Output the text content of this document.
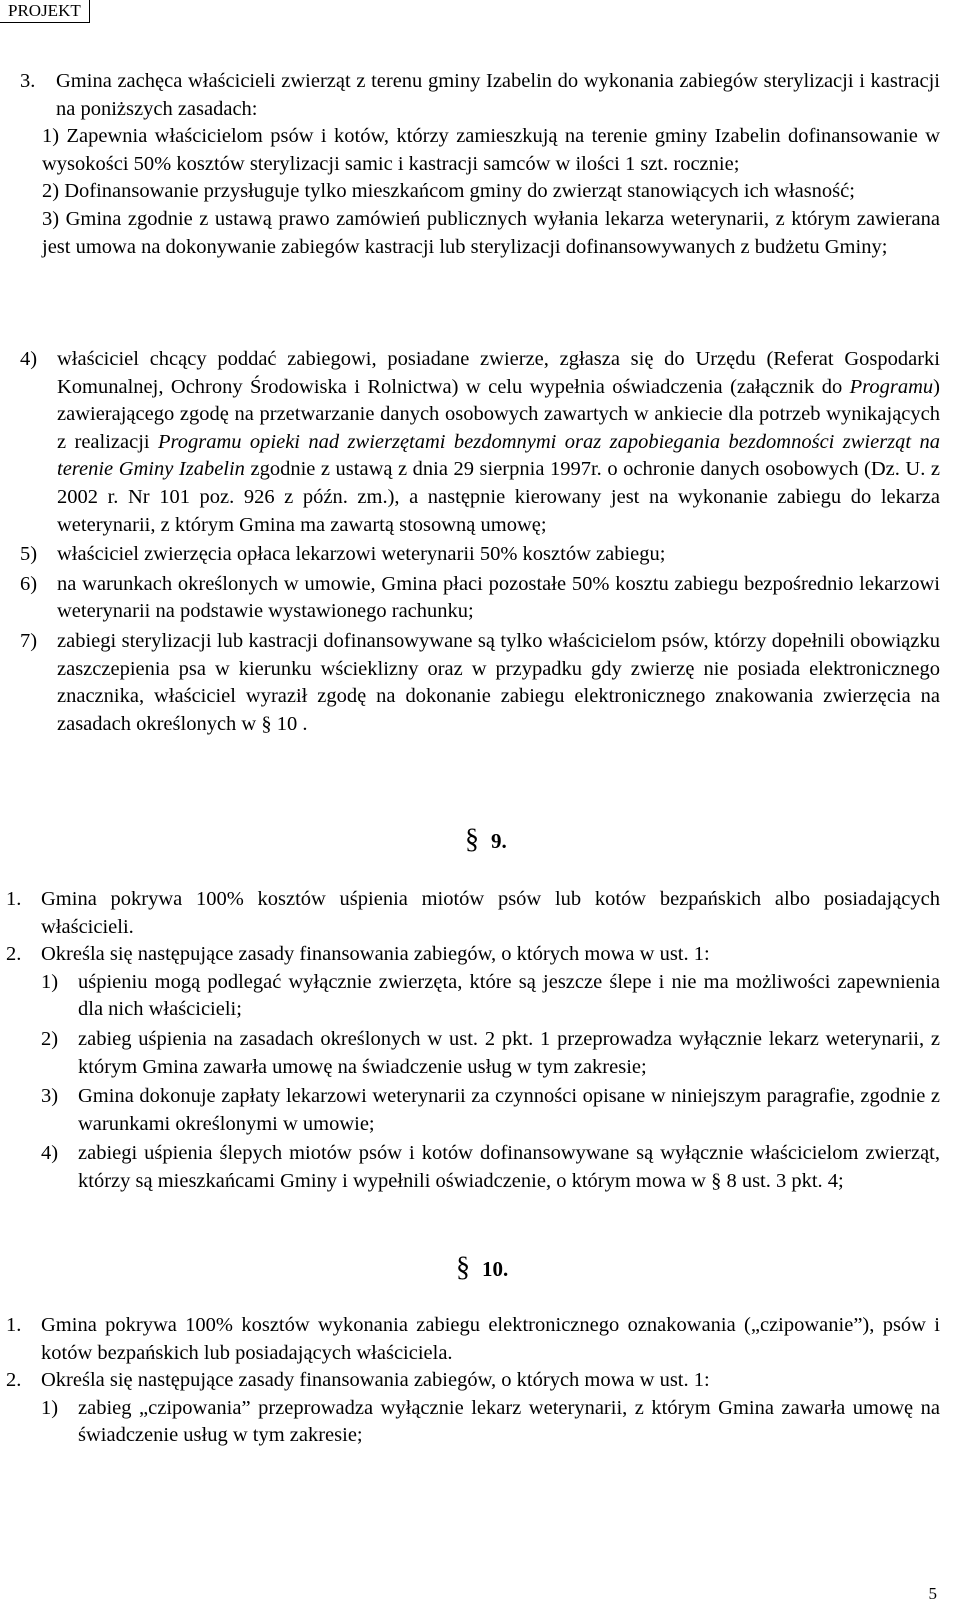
PROJEKT
3.	Gmina zachęca właścicieli zwierząt z terenu gminy Izabelin do wykonania zabiegów sterylizacji i kastracji na poniższych zasadach:
1) Zapewnia właścicielom psów i kotów, którzy zamieszkują na terenie gminy Izabelin dofinansowanie w wysokości 50% kosztów sterylizacji samic i kastracji samców w ilości 1 szt. rocznie;
2) Dofinansowanie przysługuje tylko mieszkańcom gminy do zwierząt stanowiących ich własność;
3) Gmina zgodnie z ustawą prawo zamówień publicznych wyłania lekarza weterynarii, z którym zawierana jest umowa na dokonywanie zabiegów kastracji lub sterylizacji dofinansowywanych z budżetu Gminy;
4) właściciel chcący poddać zabiegowi, posiadane zwierze, zgłasza się do Urzędu (Referat Gospodarki Komunalnej, Ochrony Środowiska i Rolnictwa) w celu wypełnia oświadczenia (załącznik do Programu) zawierającego zgodę na przetwarzanie danych osobowych zawartych w ankiecie dla potrzeb wynikających z realizacji Programu opieki nad zwierzętami bezdomnymi oraz zapobiegania bezdomności zwierząt na terenie Gminy Izabelin zgodnie z ustawą z dnia 29 sierpnia 1997r. o ochronie danych osobowych (Dz. U. z 2002 r. Nr 101 poz. 926 z późn. zm.), a następnie kierowany jest na wykonanie zabiegu do lekarza weterynarii, z którym Gmina ma zawartą stosowną umowę;
5) właściciel zwierzęcia opłaca lekarzowi weterynarii 50% kosztów zabiegu;
6) na warunkach określonych w umowie, Gmina płaci pozostałe 50% kosztu zabiegu bezpośrednio lekarzowi weterynarii na podstawie wystawionego rachunku;
7) zabiegi sterylizacji lub kastracji dofinansowywane są tylko właścicielom psów, którzy dopełnili obowiązku zaszczepienia psa w kierunku wścieklizny oraz w przypadku gdy zwierzę nie posiada elektronicznego znacznika, właściciel wyraził zgodę na dokonanie zabiegu elektronicznego znakowania zwierzęcia na zasadach określonych w § 10 .
§ 9.
1. Gmina pokrywa 100% kosztów uśpienia miotów psów lub kotów bezpańskich albo posiadających właścicieli.
2. Określa się następujące zasady finansowania zabiegów, o których mowa w ust. 1:
1) uśpieniu mogą podlegać wyłącznie zwierzęta, które są jeszcze ślepe i nie ma możliwości zapewnienia dla nich właścicieli;
2) zabieg uśpienia na zasadach określonych w ust. 2 pkt. 1 przeprowadza wyłącznie lekarz weterynarii, z którym Gmina zawarła umowę na świadczenie usług w tym zakresie;
3) Gmina dokonuje zapłaty lekarzowi weterynarii za czynności opisane w niniejszym paragrafie, zgodnie z warunkami określonymi w umowie;
4) zabiegi uśpienia ślepych miotów psów i kotów dofinansowywane są wyłącznie właścicielom zwierząt, którzy są mieszkańcami Gminy i wypełnili oświadczenie, o którym mowa w § 8 ust. 3 pkt. 4;
§ 10.
1. Gmina pokrywa 100% kosztów wykonania zabiegu elektronicznego oznakowania („czipowanie”), psów i kotów bezpańskich lub posiadających właściciela.
2. Określa się następujące zasady finansowania zabiegów, o których mowa w ust. 1:
1) zabieg „czipowania” przeprowadza wyłącznie lekarz weterynarii, z którym Gmina zawarła umowę na świadczenie usług w tym zakresie;
5
